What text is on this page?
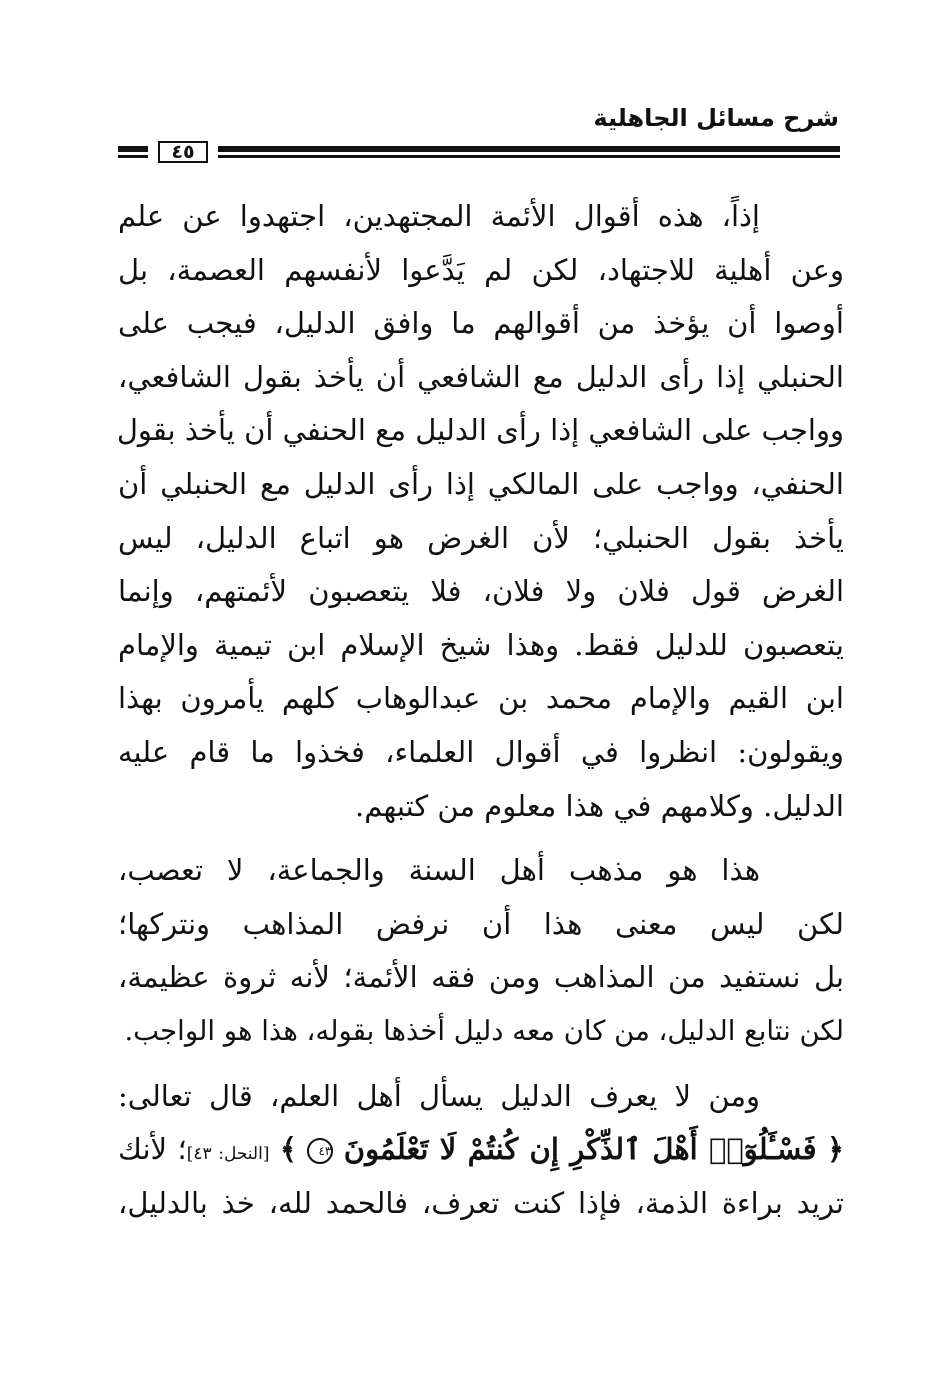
شرح مسائل الجاهلية
٤٥
إذاً، هذه أقوال الأئمة المجتهدين، اجتهدوا عن علم
وعن أهلية للاجتهاد، لكن لم يَدَّعوا لأنفسهم العصمة، بل
أوصوا أن يؤخذ من أقوالهم ما وافق الدليل، فيجب على
الحنبلي إذا رأى الدليل مع الشافعي أن يأخذ بقول الشافعي،
وواجب على الشافعي إذا رأى الدليل مع الحنفي أن يأخذ بقول
الحنفي، وواجب على المالكي إذا رأى الدليل مع الحنبلي أن
يأخذ بقول الحنبلي؛ لأن الغرض هو اتباع الدليل، ليس
الغرض قول فلان ولا فلان، فلا يتعصبون لأئمتهم، وإنما
يتعصبون للدليل فقط. وهذا شيخ الإسلام ابن تيمية والإمام
ابن القيم والإمام محمد بن عبدالوهاب كلهم يأمرون بهذا
ويقولون: انظروا في أقوال العلماء، فخذوا ما قام عليه
الدليل. وكلامهم في هذا معلوم من كتبهم.
هذا هو مذهب أهل السنة والجماعة، لا تعصب،
لكن ليس معنى هذا أن نرفض المذاهب ونتركها؛
بل نستفيد من المذاهب ومن فقه الأئمة؛ لأنه ثروة عظيمة،
لكن نتابع الدليل، من كان معه دليل أخذها بقوله، هذا هو الواجب.
ومن لا يعرف الدليل يسأل أهل العلم، قال تعالى:
﴿ فَسْـَٔلُوٓا۟ أَهْلَ ٱلذِّكْرِ إِن كُنتُمْ لَا تَعْلَمُونَ ٤٣ ﴾ [النحل: ٤٣]؛ لأنك
تريد براءة الذمة، فإذا كنت تعرف، فالحمد لله، خذ بالدليل،
